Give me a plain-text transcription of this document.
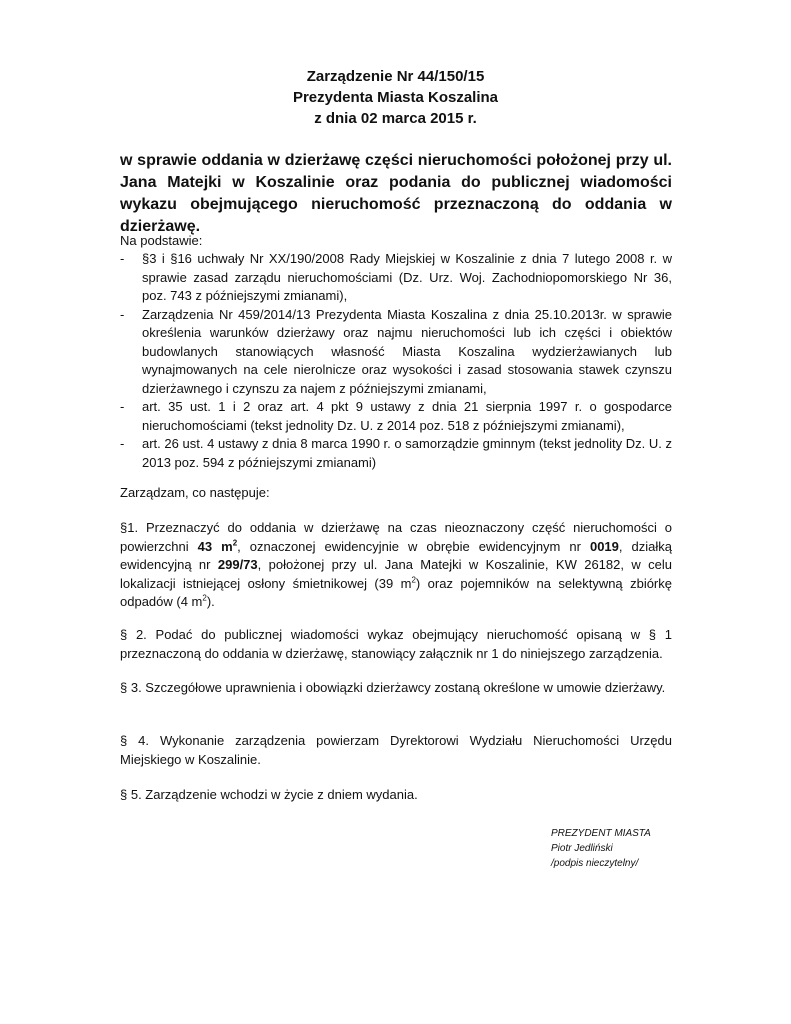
Zarządzenie Nr 44/150/15
Prezydenta Miasta Koszalina
z dnia 02 marca 2015 r.
w sprawie oddania w dzierżawę części nieruchomości położonej przy ul. Jana Matejki w Koszalinie oraz podania do publicznej wiadomości wykazu obejmującego nieruchomość przeznaczoną do oddania w dzierżawę.
Na podstawie:
- §3 i §16 uchwały Nr XX/190/2008 Rady Miejskiej w Koszalinie z dnia 7 lutego 2008 r. w sprawie zasad zarządu nieruchomościami (Dz. Urz. Woj. Zachodniopomorskiego Nr 36, poz. 743 z późniejszymi zmianami),
- Zarządzenia Nr 459/2014/13 Prezydenta Miasta Koszalina z dnia 25.10.2013r. w sprawie określenia warunków dzierżawy oraz najmu nieruchomości lub ich części i obiektów budowlanych stanowiących własność Miasta Koszalina wydzierżawianych lub wynajmowanych na cele nierolnicze oraz wysokości i zasad stosowania stawek czynszu dzierżawnego i czynszu za najem z późniejszymi zmianami,
- art. 35 ust. 1 i 2 oraz art. 4 pkt 9 ustawy z dnia 21 sierpnia 1997 r. o gospodarce nieruchomościami (tekst jednolity Dz. U. z 2014 poz. 518 z późniejszymi zmianami),
- art. 26 ust. 4 ustawy z dnia 8 marca 1990 r. o samorządzie gminnym (tekst jednolity Dz. U. z 2013 poz. 594 z późniejszymi zmianami)
Zarządzam, co następuje:
§1. Przeznaczyć do oddania w dzierżawę na czas nieoznaczony część nieruchomości o powierzchni 43 $m^2$, oznaczonej ewidencyjnie w obrębie ewidencyjnym nr 0019, działką ewidencyjną nr 299/73, położonej przy ul. Jana Matejki w Koszalinie, KW 26182, w celu lokalizacji istniejącej osłony śmietnikowej (39 $m^2$) oraz pojemników na selektywną zbiórkę odpadów (4 $m^2$).
§ 2. Podać do publicznej wiadomości wykaz obejmujący nieruchomość opisaną w § 1 przeznaczoną do oddania w dzierżawę, stanowiący załącznik nr 1 do niniejszego zarządzenia.
§ 3. Szczegółowe uprawnienia i obowiązki dzierżawcy zostaną określone w umowie dzierżawy.
§ 4. Wykonanie zarządzenia powierzam Dyrektorowi Wydziału Nieruchomości Urzędu Miejskiego w Koszalinie.
§ 5. Zarządzenie wchodzi w życie z dniem wydania.
PREZYDENT MIASTA
Piotr Jedliński
/podpis nieczytelny/
